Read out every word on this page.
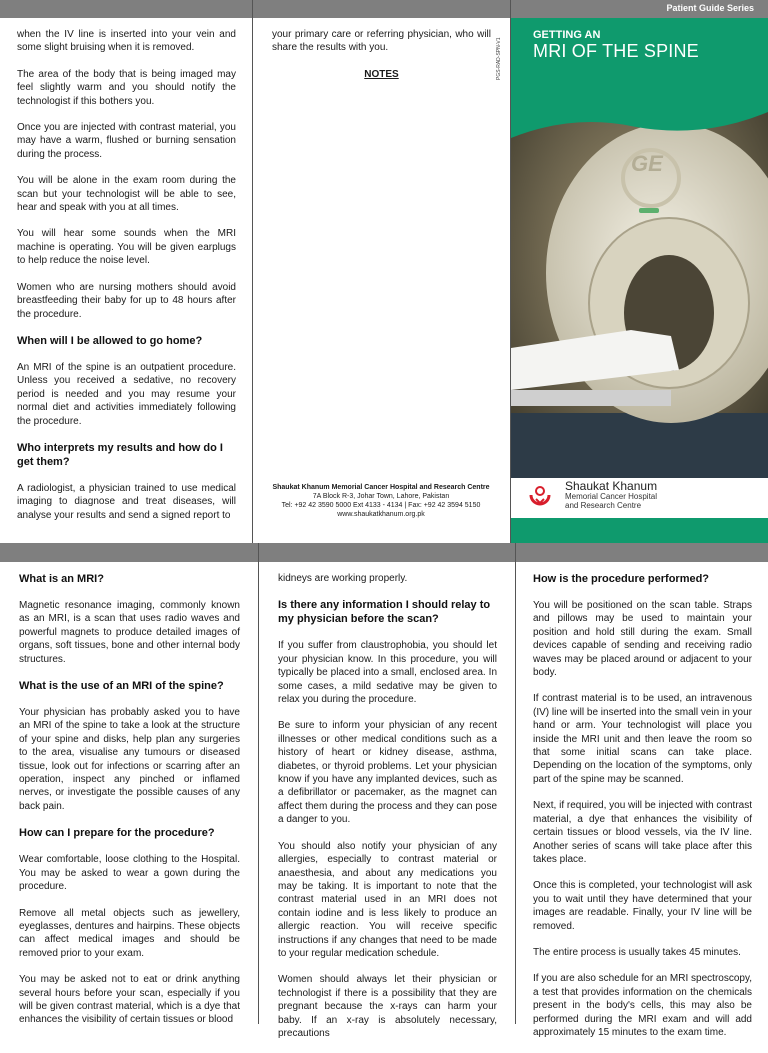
Patient Guide Series

when the IV line is inserted into your vein and some slight bruising when it is removed.

The area of the body that is being imaged may feel slightly warm and you should notify the technologist if this bothers you.

Once you are injected with contrast material, you may have a warm, flushed or burning sensation during the process.

You will be alone in the exam room during the scan but your technologist will be able to see, hear and speak with you at all times.

You will hear some sounds when the MRI machine is operating. You will be given earplugs to help reduce the noise level.

Women who are nursing mothers should avoid breastfeeding their baby for up to 48 hours after the procedure.

When will I be allowed to go home?

An MRI of the spine is an outpatient procedure. Unless you received a sedative, no recovery period is needed and you may resume your normal diet and activities immediately following the procedure.

Who interprets my results and how do I get them?

A radiologist, a physician trained to use medical imaging to diagnose and treat diseases, will analyse your results and send a signed report to

your primary care or referring physician, who will share the results with you.

NOTES	PGS-RAD-SPN-V1
Shaukat Khanum Memorial Cancer Hospital and Research Centre
7A Block R-3, Johar Town, Lahore, Pakistan
Tel: +92 42 3590 5000 Ext 4133 - 4134 | Fax: +92 42 3594 5150
www.shaukatkhanum.org.pk
GETTING AN
MRI OF THE SPINE
GE
Shaukat Khanum
Memorial Cancer Hospital
and Research Centre
What is an MRI?

Magnetic resonance imaging, commonly known as an MRI, is a scan that uses radio waves and powerful magnets to produce detailed images of organs, soft tissues, bone and other internal body structures.

What is the use of an MRI of the spine?

Your physician has probably asked you to have an MRI of the spine to take a look at the structure of your spine and disks, help plan any surgeries to the area, visualise any tumours or diseased tissue, look out for infections or scarring after an operation, inspect any pinched or inflamed nerves, or investigate the possible causes of any back pain.

How can I prepare for the procedure?

Wear comfortable, loose clothing to the Hospital. You may be asked to wear a gown during the procedure.

Remove all metal objects such as jewellery, eyeglasses, dentures and hairpins. These objects can affect medical images and should be removed prior to your exam.

You may be asked not to eat or drink anything several hours before your scan, especially if you will be given contrast material, which is a dye that enhances the visibility of certain tissues or blood

kidneys are working properly.

Is there any information I should relay to my physician before the scan?

If you suffer from claustrophobia, you should let your physician know. In this procedure, you will typically be placed into a small, enclosed area. In some cases, a mild sedative may be given to relax you during the procedure.

Be sure to inform your physician of any recent illnesses or other medical conditions such as a history of heart or kidney disease, asthma, diabetes, or thyroid problems. Let your physician know if you have any implanted devices, such as a defibrillator or pacemaker, as the magnet can affect them during the process and they can pose a danger to you.

You should also notify your physician of any allergies, especially to contrast material or anaesthesia, and about any medications you may be taking. It is important to note that the contrast material used in an MRI does not contain iodine and is less likely to produce an allergic reaction. You will receive specific instructions if any changes that need to be made to your regular medication schedule.

Women should always let their physician or technologist if there is a possibility that they are pregnant because the x-rays can harm your baby. If an x-ray is absolutely necessary, precautions

How is the procedure performed?

You will be positioned on the scan table. Straps and pillows may be used to maintain your position and hold still during the exam. Small devices capable of sending and receiving radio waves may be placed around or adjacent to your body.

If contrast material is to be used, an intravenous (IV) line will be inserted into the small vein in your hand or arm. Your technologist will place you inside the MRI unit and then leave the room so that some initial scans can take place. Depending on the location of the symptoms, only part of the spine may be scanned.

Next, if required, you will be injected with contrast material, a dye that enhances the visibility of certain tissues or blood vessels, via the IV line. Another series of scans will take place after this takes place.

Once this is completed, your technologist will ask you to wait until they have determined that your images are readable. Finally, your IV line will be removed.

The entire process is usually takes 45 minutes.

If you are also schedule for an MRI spectroscopy, a test that provides information on the chemicals present in the body's cells, this may also be performed during the MRI exam and will add approximately 15 minutes to the exam time.
